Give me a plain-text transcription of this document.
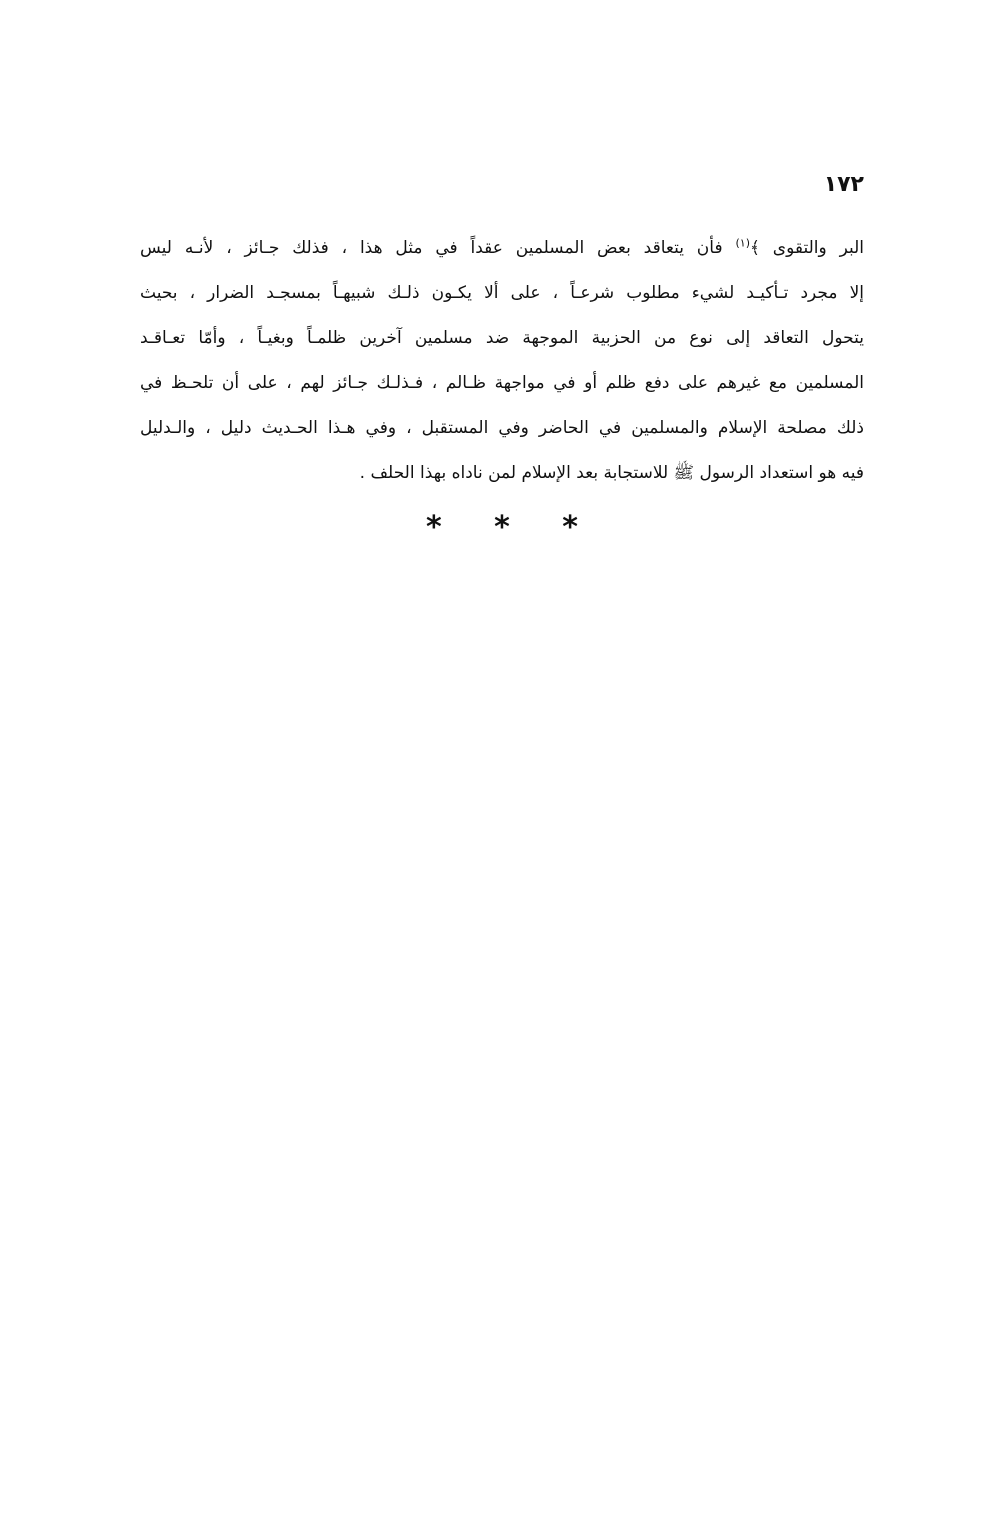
١٧٢
البر والتقوى ﴾$^{(١)}$ فأن يتعاقد بعض المسلمين عقداً في مثل هذا ، فذلك جـائز ، لأنـه ليس
إلا مجرد تـأكيـد لشيء مطلوب شرعـاً ، على ألا يكـون ذلـك شبيهـاً بمسجـد الضرار ، بحيث
يتحول التعاقد إلى نوع من الحزبية الموجهة ضد مسلمين آخرين ظلمـاً وبغيـاً ، وأمّا تعـاقـد
المسلمين مع غيرهم على دفع ظلم أو في مواجهة ظـالم ، فـذلـك جـائز لهم ، على أن تلحـظ في
ذلك مصلحة الإسلام والمسلمين في الحاضر وفي المستقبل ، وفي هـذا الحـديث دليل ، والـدليل
فيه هو استعداد الرسول ﷺ للاستجابة بعد الإسلام لمن ناداه بهذا الحلف .
* * *
